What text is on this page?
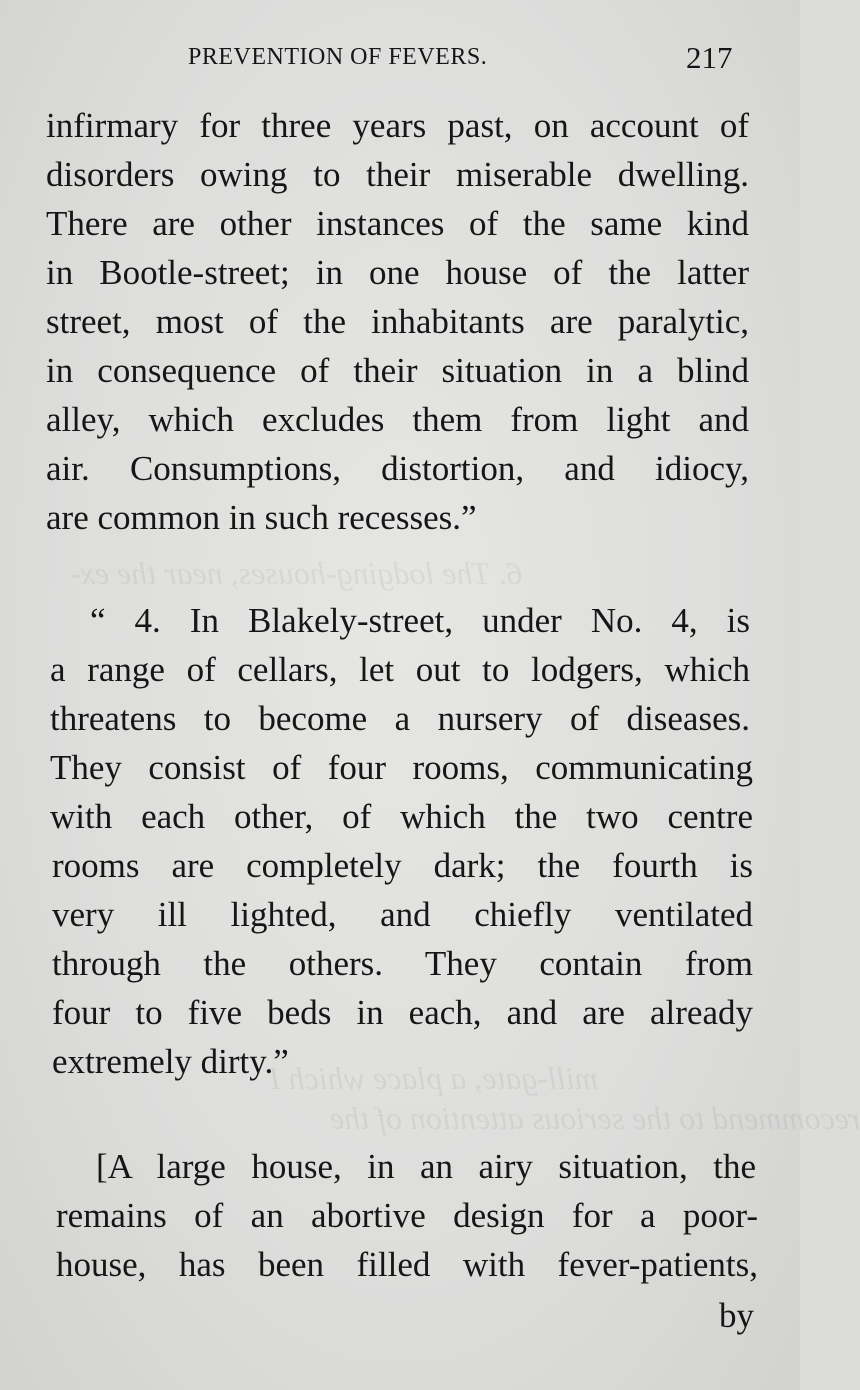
6. The lodging-houses, near the ex-
mill-gate, a place which I
recommend to the serious attention of the
PREVENTION OF FEVERS.	217
infirmary for three years past, on account of
disorders owing to their miserable dwelling.
There are other instances of the same kind
in Bootle-street; in one house of the latter
street, most of the inhabitants are paralytic,
in consequence of their situation in a blind
alley, which excludes them from light and
air. Consumptions, distortion, and idiocy,
are common in such recesses.”
“ 4. In Blakely-street, under No. 4, is
a range of cellars, let out to lodgers, which
threatens to become a nursery of diseases.
They consist of four rooms, communicating
with each other, of which the two centre
rooms are completely dark; the fourth is
very ill lighted, and chiefly ventilated
through the others. They contain from
four to five beds in each, and are already
extremely dirty.”
[A large house, in an airy situation, the
remains of an abortive design for a poor-
house, has been filled with fever-patients,
by
